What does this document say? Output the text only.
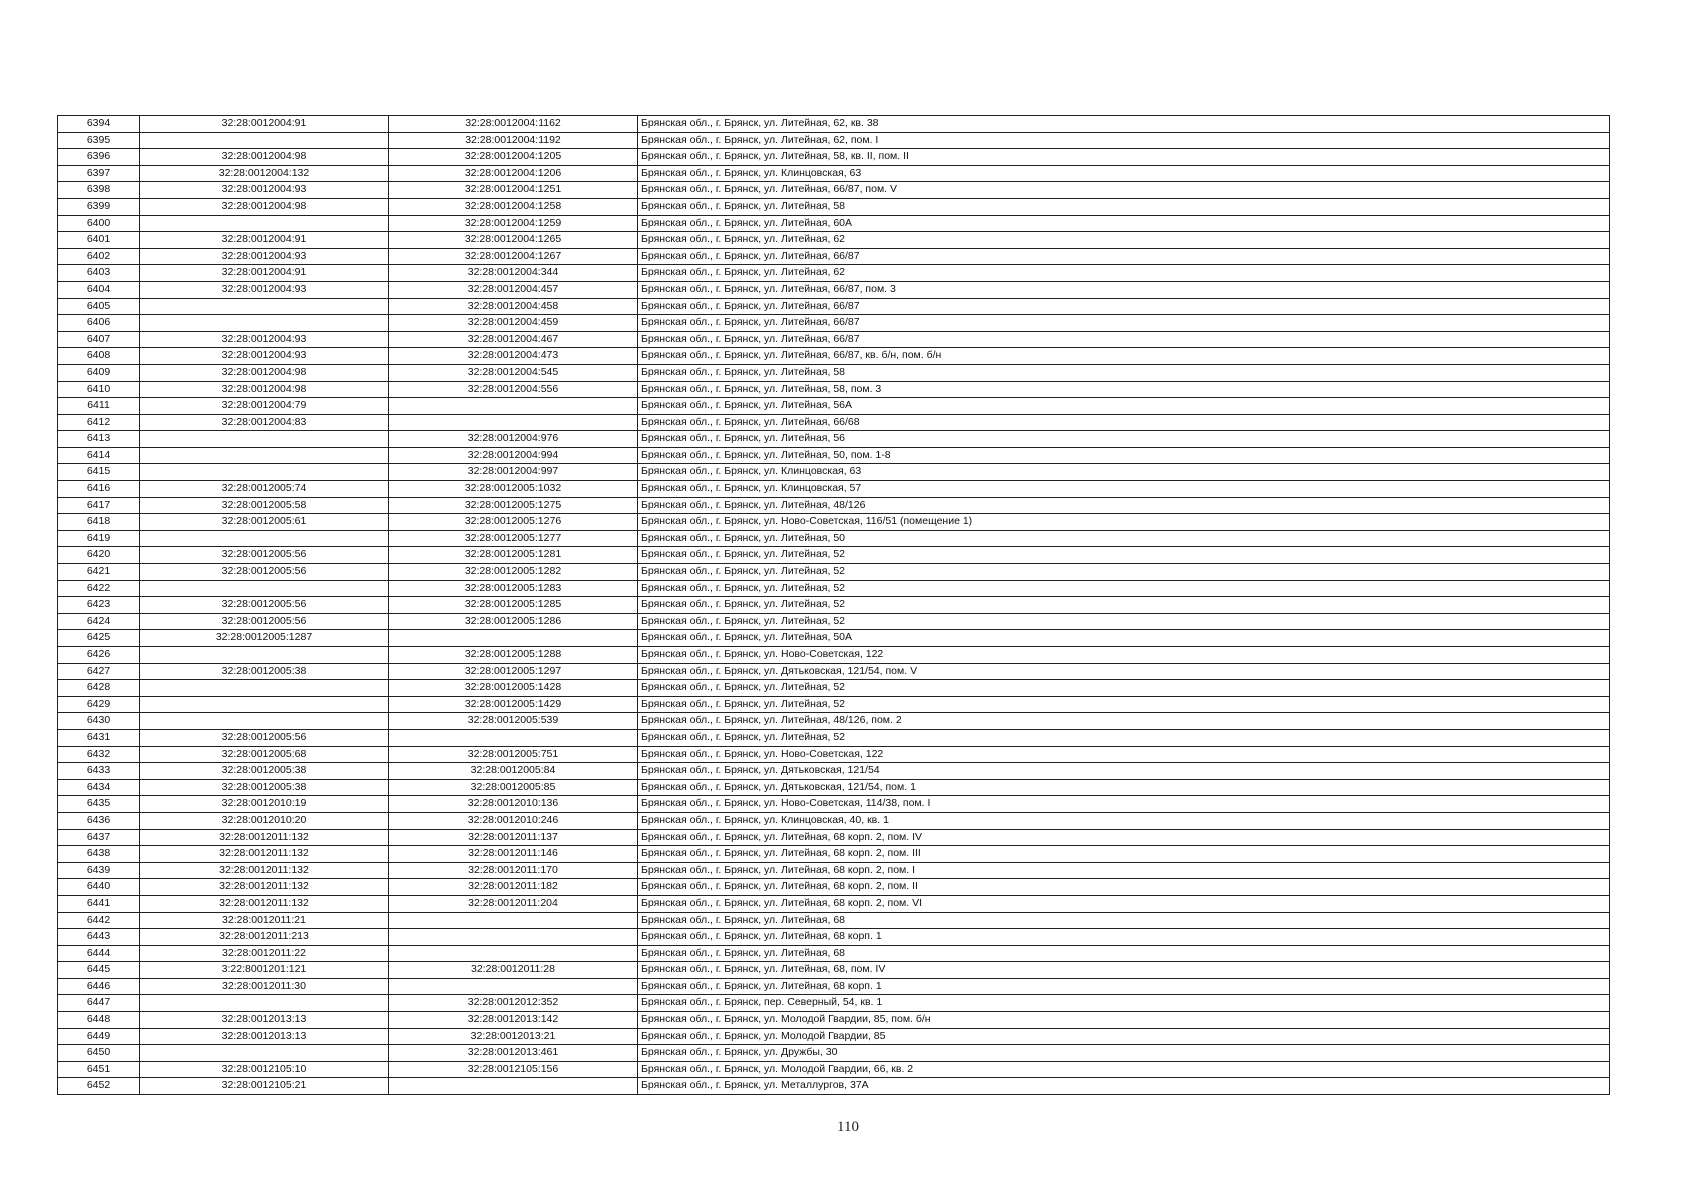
6394	32:28:0012004:91	32:28:0012004:1162	Брянская обл., г. Брянск, ул. Литейная, 62, кв. 38
6395		32:28:0012004:1192	Брянская обл., г. Брянск, ул. Литейная, 62, пом. I
6396	32:28:0012004:98	32:28:0012004:1205	Брянская обл., г. Брянск, ул. Литейная, 58, кв. II, пом. II
6397	32:28:0012004:132	32:28:0012004:1206	Брянская обл., г. Брянск, ул. Клинцовская, 63
6398	32:28:0012004:93	32:28:0012004:1251	Брянская обл., г. Брянск, ул. Литейная, 66/87, пом. V
6399	32:28:0012004:98	32:28:0012004:1258	Брянская обл., г. Брянск, ул. Литейная, 58
6400		32:28:0012004:1259	Брянская обл., г. Брянск, ул. Литейная, 60А
6401	32:28:0012004:91	32:28:0012004:1265	Брянская обл., г. Брянск, ул. Литейная, 62
6402	32:28:0012004:93	32:28:0012004:1267	Брянская обл., г. Брянск, ул. Литейная, 66/87
6403	32:28:0012004:91	32:28:0012004:344	Брянская обл., г. Брянск, ул. Литейная, 62
6404	32:28:0012004:93	32:28:0012004:457	Брянская обл., г. Брянск, ул. Литейная, 66/87, пом. 3
6405		32:28:0012004:458	Брянская обл., г. Брянск, ул. Литейная, 66/87
6406		32:28:0012004:459	Брянская обл., г. Брянск, ул. Литейная, 66/87
6407	32:28:0012004:93	32:28:0012004:467	Брянская обл., г. Брянск, ул. Литейная, 66/87
6408	32:28:0012004:93	32:28:0012004:473	Брянская обл., г. Брянск, ул. Литейная, 66/87, кв. б/н, пом. б/н
6409	32:28:0012004:98	32:28:0012004:545	Брянская обл., г. Брянск, ул. Литейная, 58
6410	32:28:0012004:98	32:28:0012004:556	Брянская обл., г. Брянск, ул. Литейная, 58, пом. 3
6411	32:28:0012004:79		Брянская обл., г. Брянск, ул. Литейная, 56А
6412	32:28:0012004:83		Брянская обл., г. Брянск, ул. Литейная, 66/68
6413		32:28:0012004:976	Брянская обл., г. Брянск, ул. Литейная, 56
6414		32:28:0012004:994	Брянская обл., г. Брянск, ул. Литейная, 50, пом. 1-8
6415		32:28:0012004:997	Брянская обл., г. Брянск, ул. Клинцовская, 63
6416	32:28:0012005:74	32:28:0012005:1032	Брянская обл., г. Брянск, ул. Клинцовская, 57
6417	32:28:0012005:58	32:28:0012005:1275	Брянская обл., г. Брянск, ул. Литейная, 48/126
6418	32:28:0012005:61	32:28:0012005:1276	Брянская обл., г. Брянск, ул. Ново-Советская, 116/51 (помещение 1)
6419		32:28:0012005:1277	Брянская обл., г. Брянск, ул. Литейная, 50
6420	32:28:0012005:56	32:28:0012005:1281	Брянская обл., г. Брянск, ул. Литейная, 52
6421	32:28:0012005:56	32:28:0012005:1282	Брянская обл., г. Брянск, ул. Литейная, 52
6422		32:28:0012005:1283	Брянская обл., г. Брянск, ул. Литейная, 52
6423	32:28:0012005:56	32:28:0012005:1285	Брянская обл., г. Брянск, ул. Литейная, 52
6424	32:28:0012005:56	32:28:0012005:1286	Брянская обл., г. Брянск, ул. Литейная, 52
6425	32:28:0012005:1287		Брянская обл., г. Брянск, ул. Литейная, 50А
6426		32:28:0012005:1288	Брянская обл., г. Брянск, ул. Ново-Советская, 122
6427	32:28:0012005:38	32:28:0012005:1297	Брянская обл., г. Брянск, ул. Дятьковская, 121/54, пом. V
6428		32:28:0012005:1428	Брянская обл., г. Брянск, ул. Литейная, 52
6429		32:28:0012005:1429	Брянская обл., г. Брянск, ул. Литейная, 52
6430		32:28:0012005:539	Брянская обл., г. Брянск, ул. Литейная, 48/126, пом. 2
6431	32:28:0012005:56		Брянская обл., г. Брянск, ул. Литейная, 52
6432	32:28:0012005:68	32:28:0012005:751	Брянская обл., г. Брянск, ул. Ново-Советская, 122
6433	32:28:0012005:38	32:28:0012005:84	Брянская обл., г. Брянск, ул. Дятьковская, 121/54
6434	32:28:0012005:38	32:28:0012005:85	Брянская обл., г. Брянск, ул. Дятьковская, 121/54, пом. 1
6435	32:28:0012010:19	32:28:0012010:136	Брянская обл., г. Брянск, ул. Ново-Советская, 114/38, пом. I
6436	32:28:0012010:20	32:28:0012010:246	Брянская обл., г. Брянск, ул. Клинцовская, 40, кв. 1
6437	32:28:0012011:132	32:28:0012011:137	Брянская обл., г. Брянск, ул. Литейная, 68 корп. 2, пом. IV
6438	32:28:0012011:132	32:28:0012011:146	Брянская обл., г. Брянск, ул. Литейная, 68 корп. 2, пом. III
6439	32:28:0012011:132	32:28:0012011:170	Брянская обл., г. Брянск, ул. Литейная, 68 корп. 2, пом. I
6440	32:28:0012011:132	32:28:0012011:182	Брянская обл., г. Брянск, ул. Литейная, 68 корп. 2, пом. II
6441	32:28:0012011:132	32:28:0012011:204	Брянская обл., г. Брянск, ул. Литейная, 68 корп. 2, пом. VI
6442	32:28:0012011:21		Брянская обл., г. Брянск, ул. Литейная, 68
6443	32:28:0012011:213		Брянская обл., г. Брянск, ул. Литейная, 68 корп. 1
6444	32:28:0012011:22		Брянская обл., г. Брянск, ул. Литейная, 68
6445	3:22:8001201:121	32:28:0012011:28	Брянская обл., г. Брянск, ул. Литейная, 68, пом. IV
6446	32:28:0012011:30		Брянская обл., г. Брянск, ул. Литейная, 68 корп. 1
6447		32:28:0012012:352	Брянская обл., г. Брянск, пер. Северный, 54, кв. 1
6448	32:28:0012013:13	32:28:0012013:142	Брянская обл., г. Брянск, ул. Молодой Гвардии, 85, пом. б/н
6449	32:28:0012013:13	32:28:0012013:21	Брянская обл., г. Брянск, ул. Молодой Гвардии, 85
6450		32:28:0012013:461	Брянская обл., г. Брянск, ул. Дружбы, 30
6451	32:28:0012105:10	32:28:0012105:156	Брянская обл., г. Брянск, ул. Молодой Гвардии, 66, кв. 2
6452	32:28:0012105:21		Брянская обл., г. Брянск, ул. Металлургов, 37А
110
